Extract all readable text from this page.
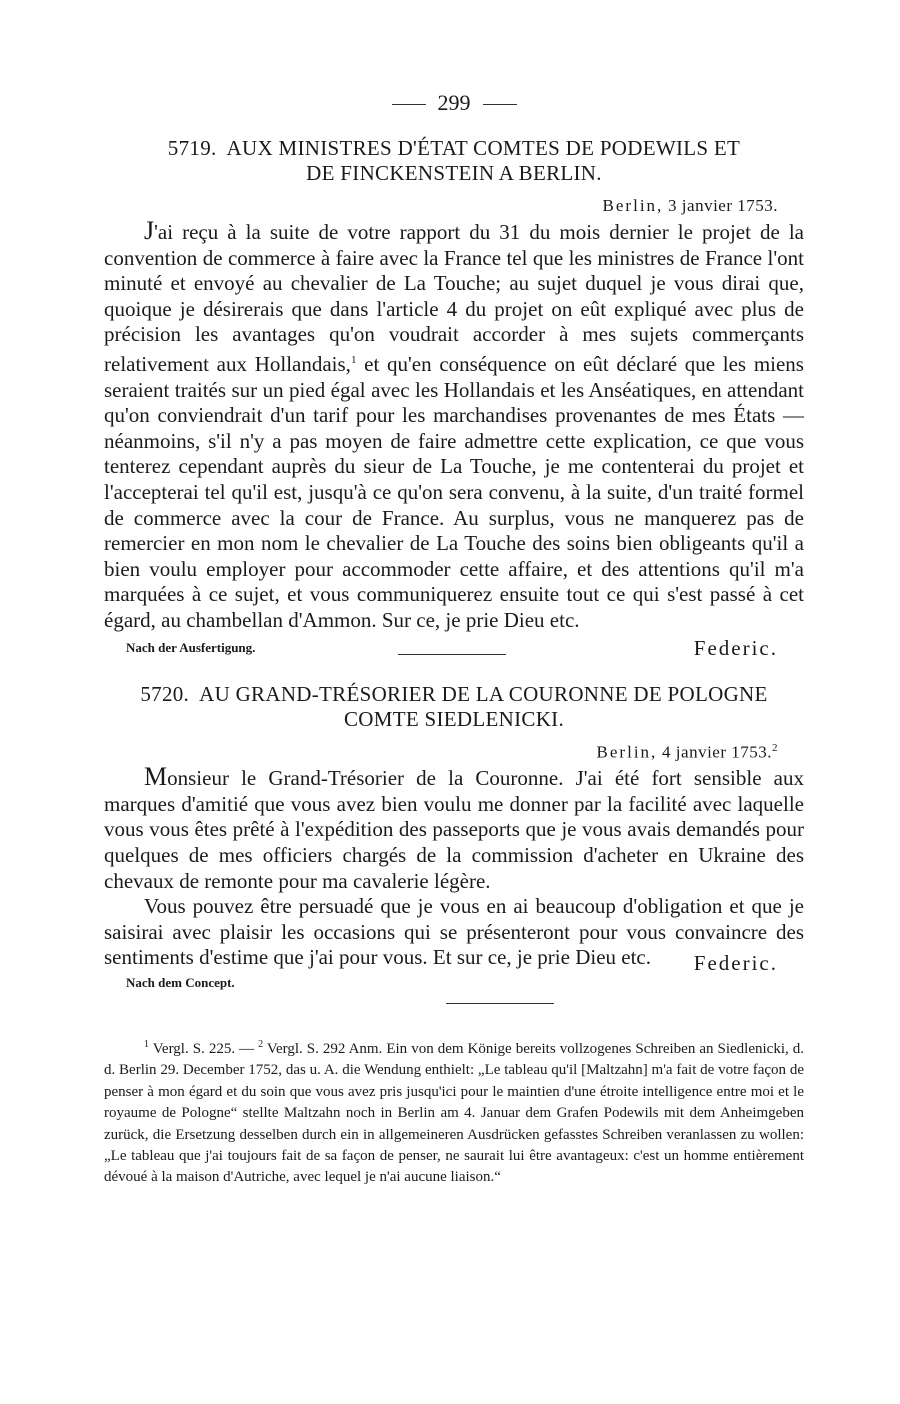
299
5719. AUX MINISTRES D'ÉTAT COMTES DE PODEWILS ET
DE FINCKENSTEIN A BERLIN.
Berlin, 3 janvier 1753.

J'ai reçu à la suite de votre rapport du 31 du mois dernier le projet de la convention de commerce à faire avec la France tel que les ministres de France l'ont minuté et envoyé au chevalier de La Touche; au sujet duquel je vous dirai que, quoique je désirerais que dans l'article 4 du projet on eût expliqué avec plus de précision les avantages qu'on voudrait accorder à mes sujets commerçants relativement aux Hollandais,$^1$ et qu'en conséquence on eût déclaré que les miens seraient traités sur un pied égal avec les Hollandais et les Anséatiques, en attendant qu'on conviendrait d'un tarif pour les marchandises provenantes de mes États — néanmoins, s'il n'y a pas moyen de faire admettre cette explication, ce que vous tenterez cependant auprès du sieur de La Touche, je me contenterai du projet et l'accepterai tel qu'il est, jusqu'à ce qu'on sera convenu, à la suite, d'un traité formel de commerce avec la cour de France. Au surplus, vous ne manquerez pas de remercier en mon nom le chevalier de La Touche des soins bien obligeants qu'il a bien voulu employer pour accommoder cette affaire, et des attentions qu'il m'a marquées à ce sujet, et vous communiquerez ensuite tout ce qui s'est passé à cet égard, au chambellan d'Ammon. Sur ce, je prie Dieu etc.

Nach der Ausfertigung.	Federic.
5720. AU GRAND-TRÉSORIER DE LA COURONNE DE POLOGNE
COMTE SIEDLENICKI.
Berlin, 4 janvier 1753.$^2$

Monsieur le Grand-Trésorier de la Couronne. J'ai été fort sensible aux marques d'amitié que vous avez bien voulu me donner par la facilité avec laquelle vous vous êtes prêté à l'expédition des passeports que je vous avais demandés pour quelques de mes officiers chargés de la commission d'acheter en Ukraine des chevaux de remonte pour ma cavalerie légère.

Vous pouvez être persuadé que je vous en ai beaucoup d'obligation et que je saisirai avec plaisir les occasions qui se présenteront pour vous convaincre des sentiments d'estime que j'ai pour vous. Et sur ce, je prie Dieu etc.

Nach dem Concept.
Federic.

$^1$ Vergl. S. 225. — $^2$ Vergl. S. 292 Anm. Ein von dem Könige bereits vollzogenes Schreiben an Siedlenicki, d. d. Berlin 29. December 1752, das u. A. die Wendung enthielt: „Le tableau qu'il [Maltzahn] m'a fait de votre façon de penser à mon égard et du soin que vous avez pris jusqu'ici pour le maintien d'une étroite intelligence entre moi et le royaume de Pologne“ stellte Maltzahn noch in Berlin am 4. Januar dem Grafen Podewils mit dem Anheimgeben zurück, die Ersetzung desselben durch ein in allgemeineren Ausdrücken gefasstes Schreiben veranlassen zu wollen: „Le tableau que j'ai toujours fait de sa façon de penser, ne saurait lui être avantageux: c'est un homme entièrement dévoué à la maison d'Autriche, avec lequel je n'ai aucune liaison.“
